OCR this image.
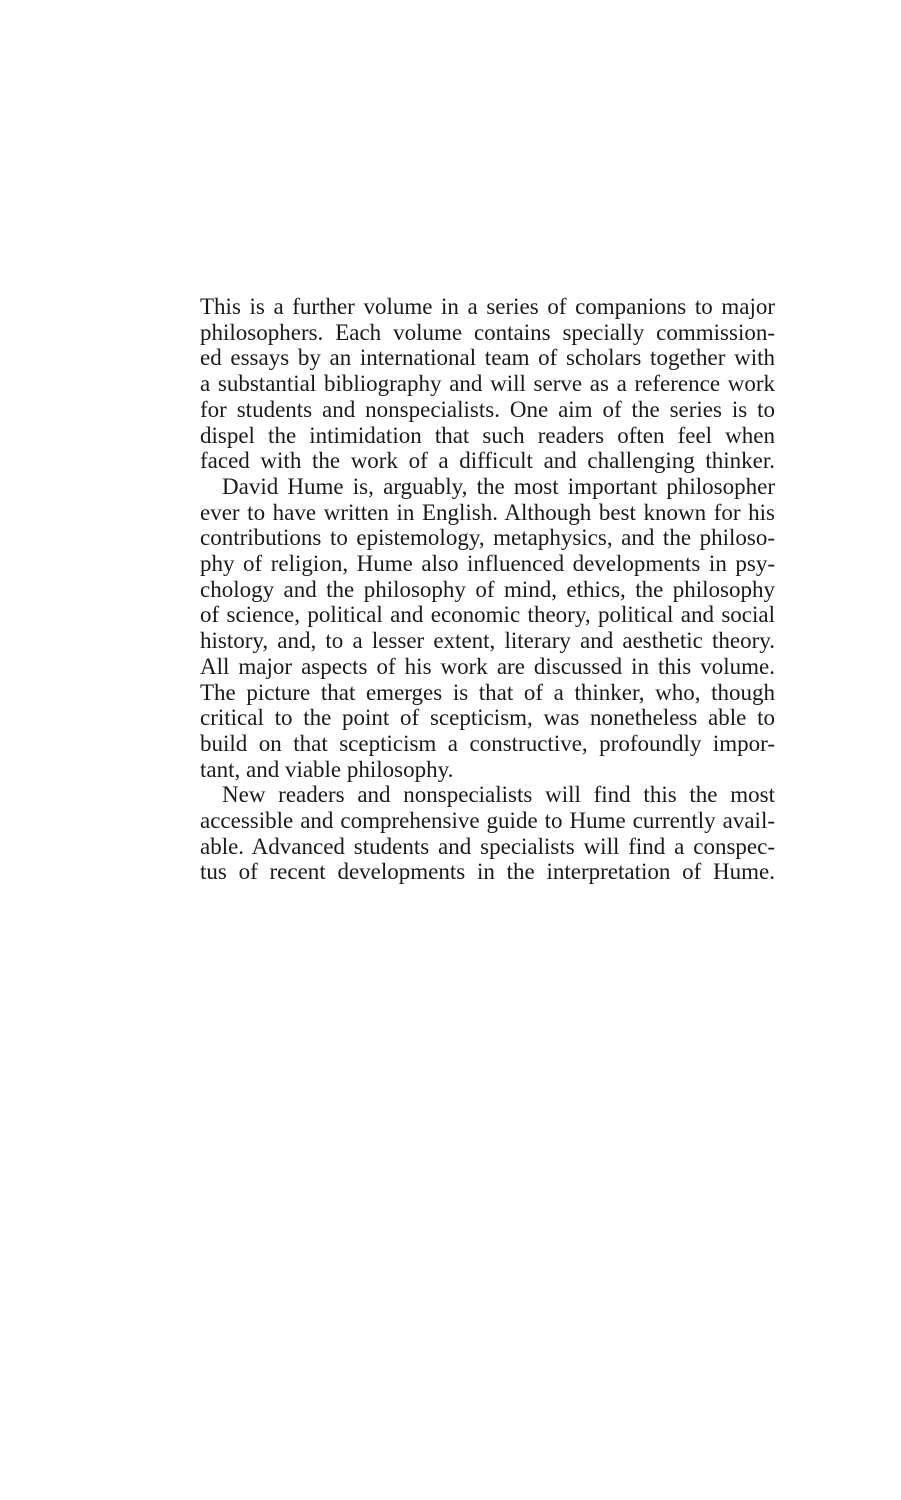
This is a further volume in a series of companions to major
philosophers. Each volume contains specially commission-
ed essays by an international team of scholars together with
a substantial bibliography and will serve as a reference work
for students and nonspecialists. One aim of the series is to
dispel the intimidation that such readers often feel when
faced with the work of a difficult and challenging thinker.

David Hume is, arguably, the most important philosopher
ever to have written in English. Although best known for his
contributions to epistemology, metaphysics, and the philoso-
phy of religion, Hume also influenced developments in psy-
chology and the philosophy of mind, ethics, the philosophy
of science, political and economic theory, political and social
history, and, to a lesser extent, literary and aesthetic theory.
All major aspects of his work are discussed in this volume.
The picture that emerges is that of a thinker, who, though
critical to the point of scepticism, was nonetheless able to
build on that scepticism a constructive, profoundly impor-
tant, and viable philosophy.

New readers and nonspecialists will find this the most
accessible and comprehensive guide to Hume currently avail-
able. Advanced students and specialists will find a conspec-
tus of recent developments in the interpretation of Hume.
